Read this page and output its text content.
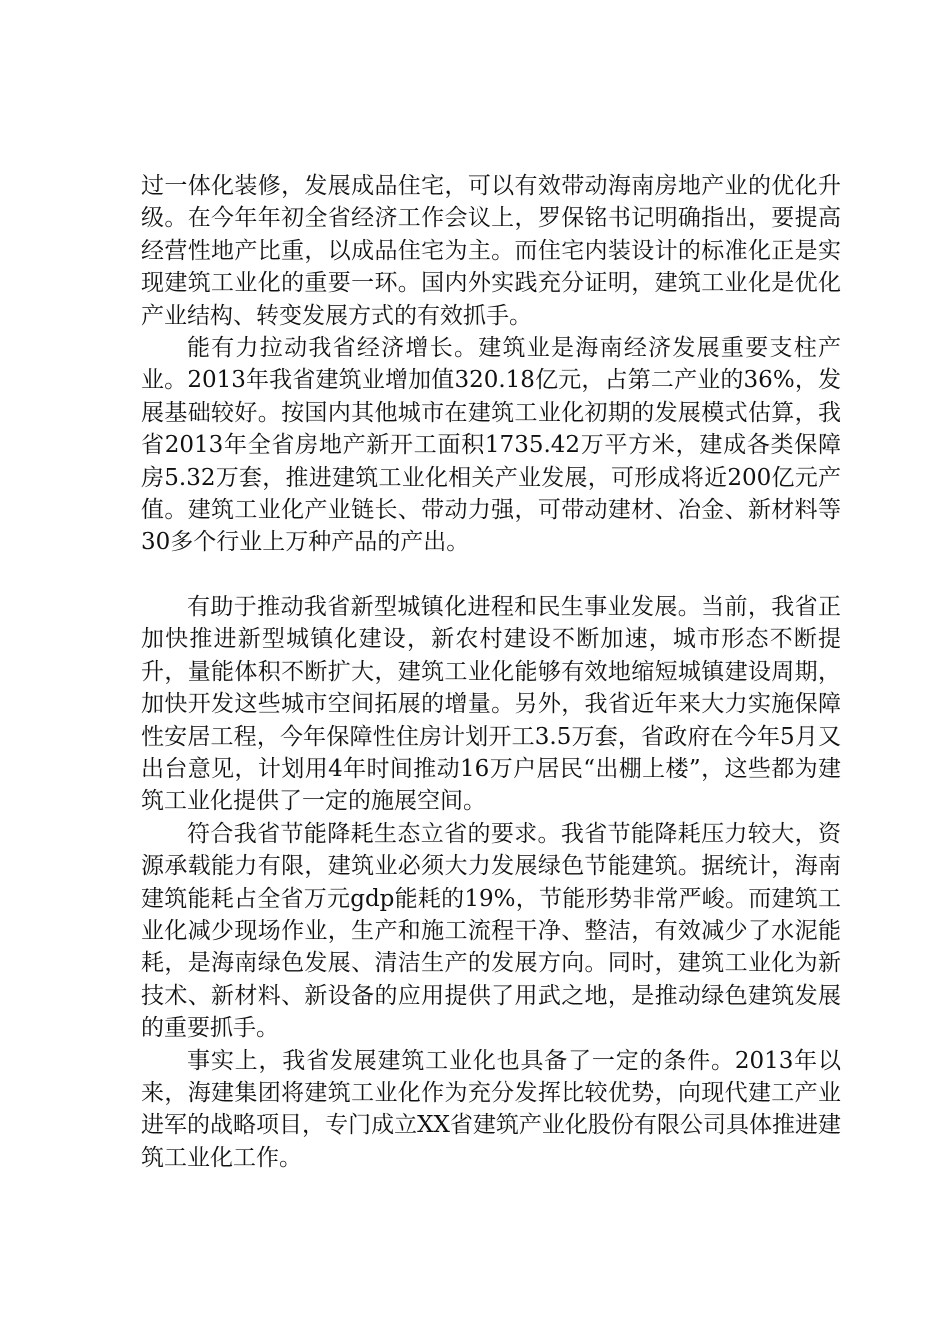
过一体化装修，发展成品住宅，可以有效带动海南房地产业的优化升级。在今年年初全省经济工作会议上，罗保铭书记明确指出，要提高经营性地产比重，以成品住宅为主。而住宅内装设计的标准化正是实现建筑工业化的重要一环。国内外实践充分证明，建筑工业化是优化产业结构、转变发展方式的有效抓手。

能有力拉动我省经济增长。建筑业是海南经济发展重要支柱产业。2013年我省建筑业增加值320.18亿元，占第二产业的36%，发展基础较好。按国内其他城市在建筑工业化初期的发展模式估算，我省2013年全省房地产新开工面积1735.42万平方米，建成各类保障房5.32万套，推进建筑工业化相关产业发展，可形成将近200亿元产值。建筑工业化产业链长、带动力强，可带动建材、冶金、新材料等30多个行业上万种产品的产出。

有助于推动我省新型城镇化进程和民生事业发展。当前，我省正加快推进新型城镇化建设，新农村建设不断加速，城市形态不断提升，量能体积不断扩大，建筑工业化能够有效地缩短城镇建设周期，加快开发这些城市空间拓展的增量。另外，我省近年来大力实施保障性安居工程，今年保障性住房计划开工3.5万套，省政府在今年5月又出台意见，计划用4年时间推动16万户居民“出棚上楼”，这些都为建筑工业化提供了一定的施展空间。

符合我省节能降耗生态立省的要求。我省节能降耗压力较大，资源承载能力有限，建筑业必须大力发展绿色节能建筑。据统计，海南建筑能耗占全省万元gdp能耗的19%，节能形势非常严峻。而建筑工业化减少现场作业，生产和施工流程干净、整洁，有效减少了水泥能耗，是海南绿色发展、清洁生产的发展方向。同时，建筑工业化为新技术、新材料、新设备的应用提供了用武之地，是推动绿色建筑发展的重要抓手。

事实上，我省发展建筑工业化也具备了一定的条件。2013年以来，海建集团将建筑工业化作为充分发挥比较优势，向现代建工产业进军的战略项目，专门成立XX省建筑产业化股份有限公司具体推进建筑工业化工作。
